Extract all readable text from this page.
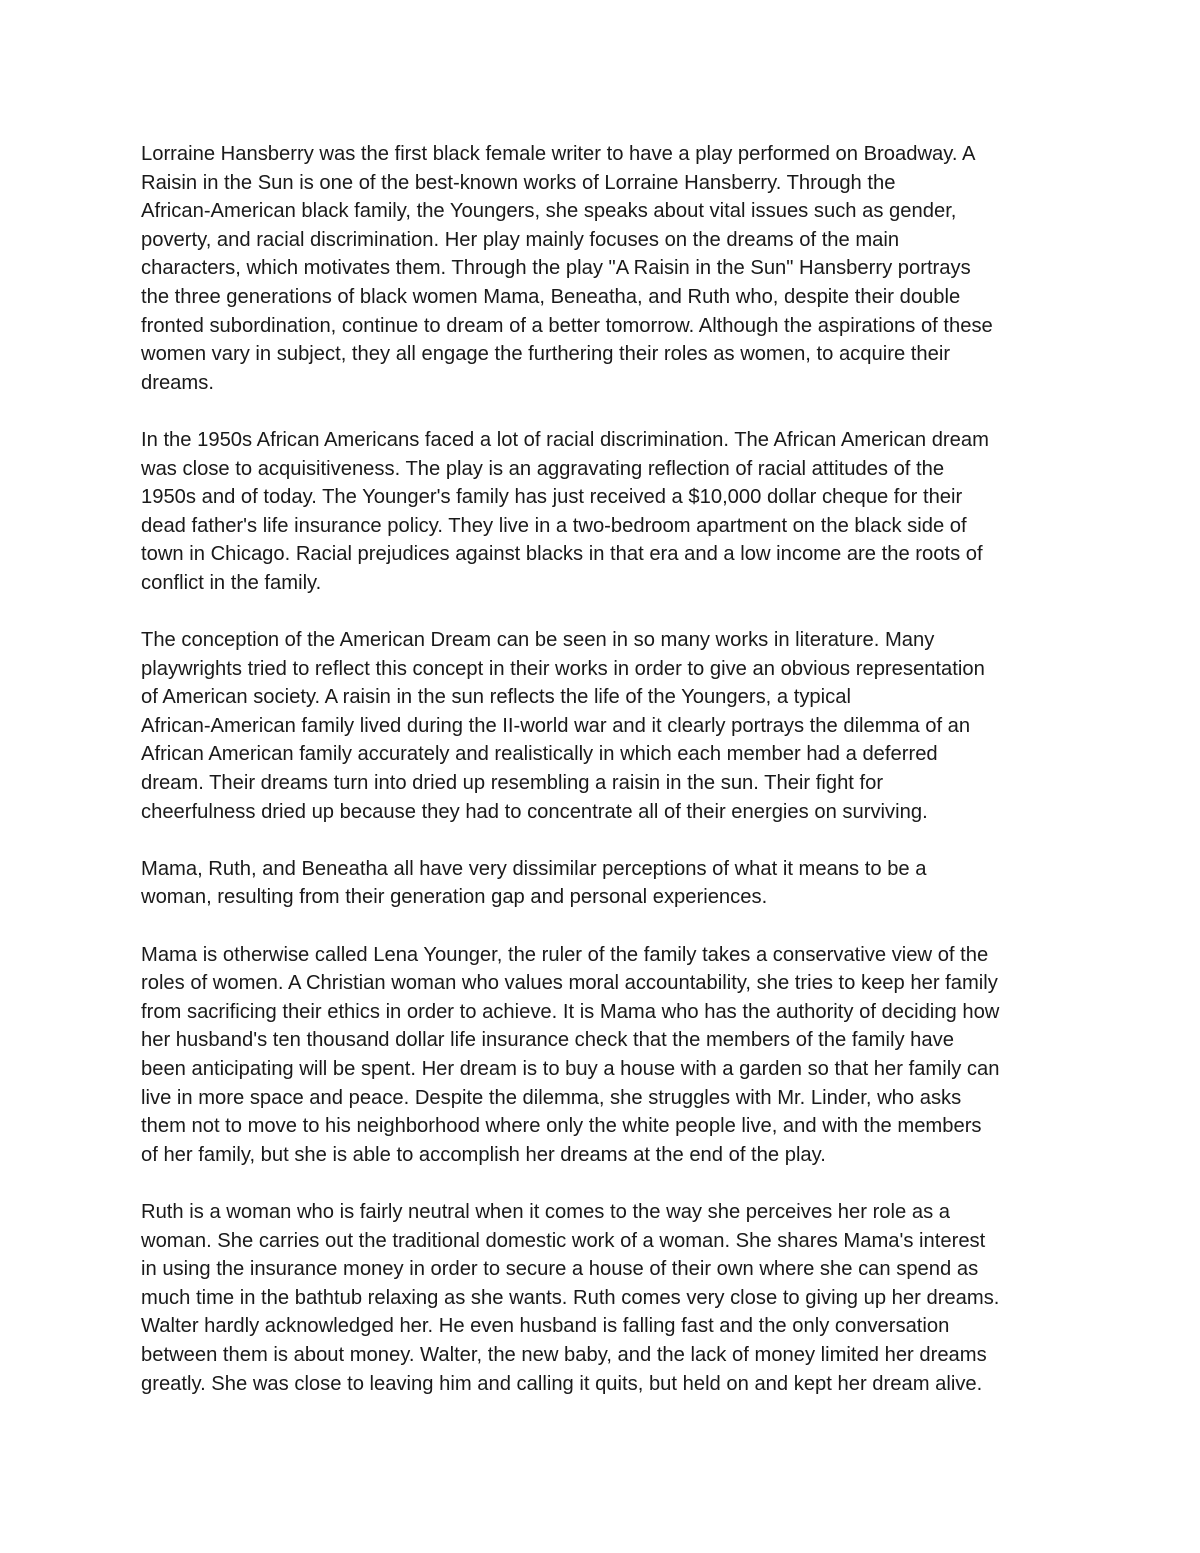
Lorraine Hansberry was the first black female writer to have a play performed on Broadway. A
Raisin in the Sun is one of the best-known works of Lorraine Hansberry. Through the
African-American black family, the Youngers, she speaks about vital issues such as gender,
poverty, and racial discrimination. Her play mainly focuses on the dreams of the main
characters, which motivates them. Through the play "A Raisin in the Sun" Hansberry portrays
the three generations of black women Mama, Beneatha, and Ruth who, despite their double
fronted subordination, continue to dream of a better tomorrow. Although the aspirations of these
women vary in subject, they all engage the furthering their roles as women, to acquire their
dreams.

In the 1950s African Americans faced a lot of racial discrimination. The African American dream
was close to acquisitiveness. The play is an aggravating reflection of racial attitudes of the
1950s and of today. The Younger's family has just received a $10,000 dollar cheque for their
dead father's life insurance policy. They live in a two-bedroom apartment on the black side of
town in Chicago. Racial prejudices against blacks in that era and a low income are the roots of
conflict in the family.

The conception of the American Dream can be seen in so many works in literature. Many
playwrights tried to reflect this concept in their works in order to give an obvious representation
of American society. A raisin in the sun reflects the life of the Youngers, a typical
African-American family lived during the II-world war and it clearly portrays the dilemma of an
African American family accurately and realistically in which each member had a deferred
dream. Their dreams turn into dried up resembling a raisin in the sun. Their fight for
cheerfulness dried up because they had to concentrate all of their energies on surviving.

Mama, Ruth, and Beneatha all have very dissimilar perceptions of what it means to be a
woman, resulting from their generation gap and personal experiences.

Mama is otherwise called Lena Younger, the ruler of the family takes a conservative view of the
roles of women. A Christian woman who values moral accountability, she tries to keep her family
from sacrificing their ethics in order to achieve. It is Mama who has the authority of deciding how
her husband's ten thousand dollar life insurance check that the members of the family have
been anticipating will be spent. Her dream is to buy a house with a garden so that her family can
live in more space and peace. Despite the dilemma, she struggles with Mr. Linder, who asks
them not to move to his neighborhood where only the white people live, and with the members
of her family, but she is able to accomplish her dreams at the end of the play.

Ruth is a woman who is fairly neutral when it comes to the way she perceives her role as a
woman. She carries out the traditional domestic work of a woman. She shares Mama's interest
in using the insurance money in order to secure a house of their own where she can spend as
much time in the bathtub relaxing as she wants. Ruth comes very close to giving up her dreams.
Walter hardly acknowledged her. He even husband is falling fast and the only conversation
between them is about money. Walter, the new baby, and the lack of money limited her dreams
greatly. She was close to leaving him and calling it quits, but held on and kept her dream alive.
